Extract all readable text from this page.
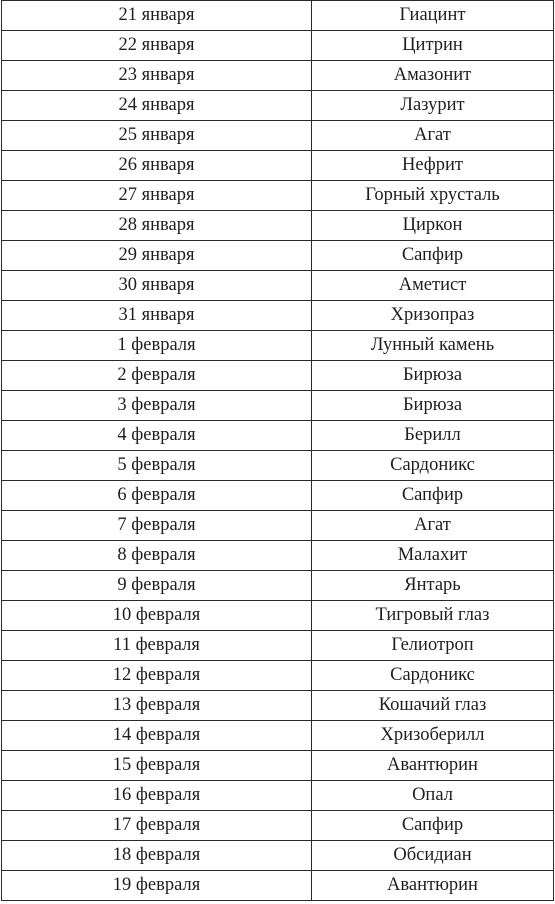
21 января	Гиацинт
22 января	Цитрин
23 января	Амазонит
24 января	Лазурит
25 января	Агат
26 января	Нефрит
27 января	Горный хрусталь
28 января	Циркон
29 января	Сапфир
30 января	Аметист
31 января	Хризопраз
1 февраля	Лунный камень
2 февраля	Бирюза
3 февраля	Бирюза
4 февраля	Берилл
5 февраля	Сардоникс
6 февраля	Сапфир
7 февраля	Агат
8 февраля	Малахит
9 февраля	Янтарь
10 февраля	Тигровый глаз
11 февраля	Гелиотроп
12 февраля	Сардоникс
13 февраля	Кошачий глаз
14 февраля	Хризоберилл
15 февраля	Авантюрин
16 февраля	Опал
17 февраля	Сапфир
18 февраля	Обсидиан
19 февраля	Авантюрин
